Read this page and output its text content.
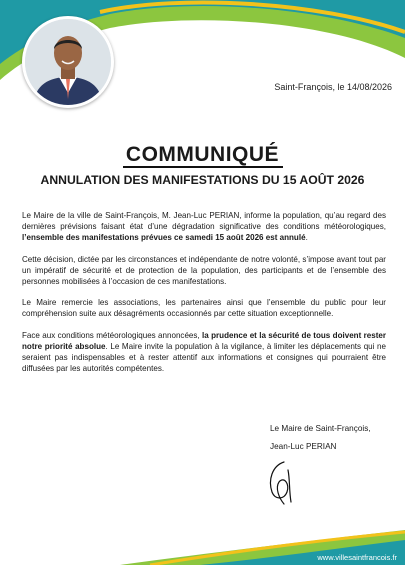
Saint-François, le 14/08/2026
COMMUNIQUÉ
ANNULATION DES MANIFESTATIONS DU 15 AOÛT 2026

Le Maire de la ville de Saint-François, M. Jean-Luc PERIAN, informe la population, qu’au regard des dernières prévisions faisant état d’une dégradation significative des conditions météorologiques, l’ensemble des manifestations prévues ce samedi 15 août 2026 est annulé.

Cette décision, dictée par les circonstances et indépendante de notre volonté, s’impose avant tout par un impératif de sécurité et de protection de la population, des participants et de l’ensemble des personnes mobilisées à l’occasion de ces manifestations.

Le Maire remercie les associations, les partenaires ainsi que l’ensemble du public pour leur compréhension suite aux désagréments occasionnés par cette situation exceptionnelle.

Face aux conditions météorologiques annoncées, la prudence et la sécurité de tous doivent rester notre priorité absolue. Le Maire invite la population à la vigilance, à limiter les déplacements qui ne seraient pas indispensables et à rester attentif aux informations et consignes qui pourraient être diffusées par les autorités compétentes.

Le Maire de Saint-François,
Jean-Luc PERIAN
www.villesaintfrancois.fr
